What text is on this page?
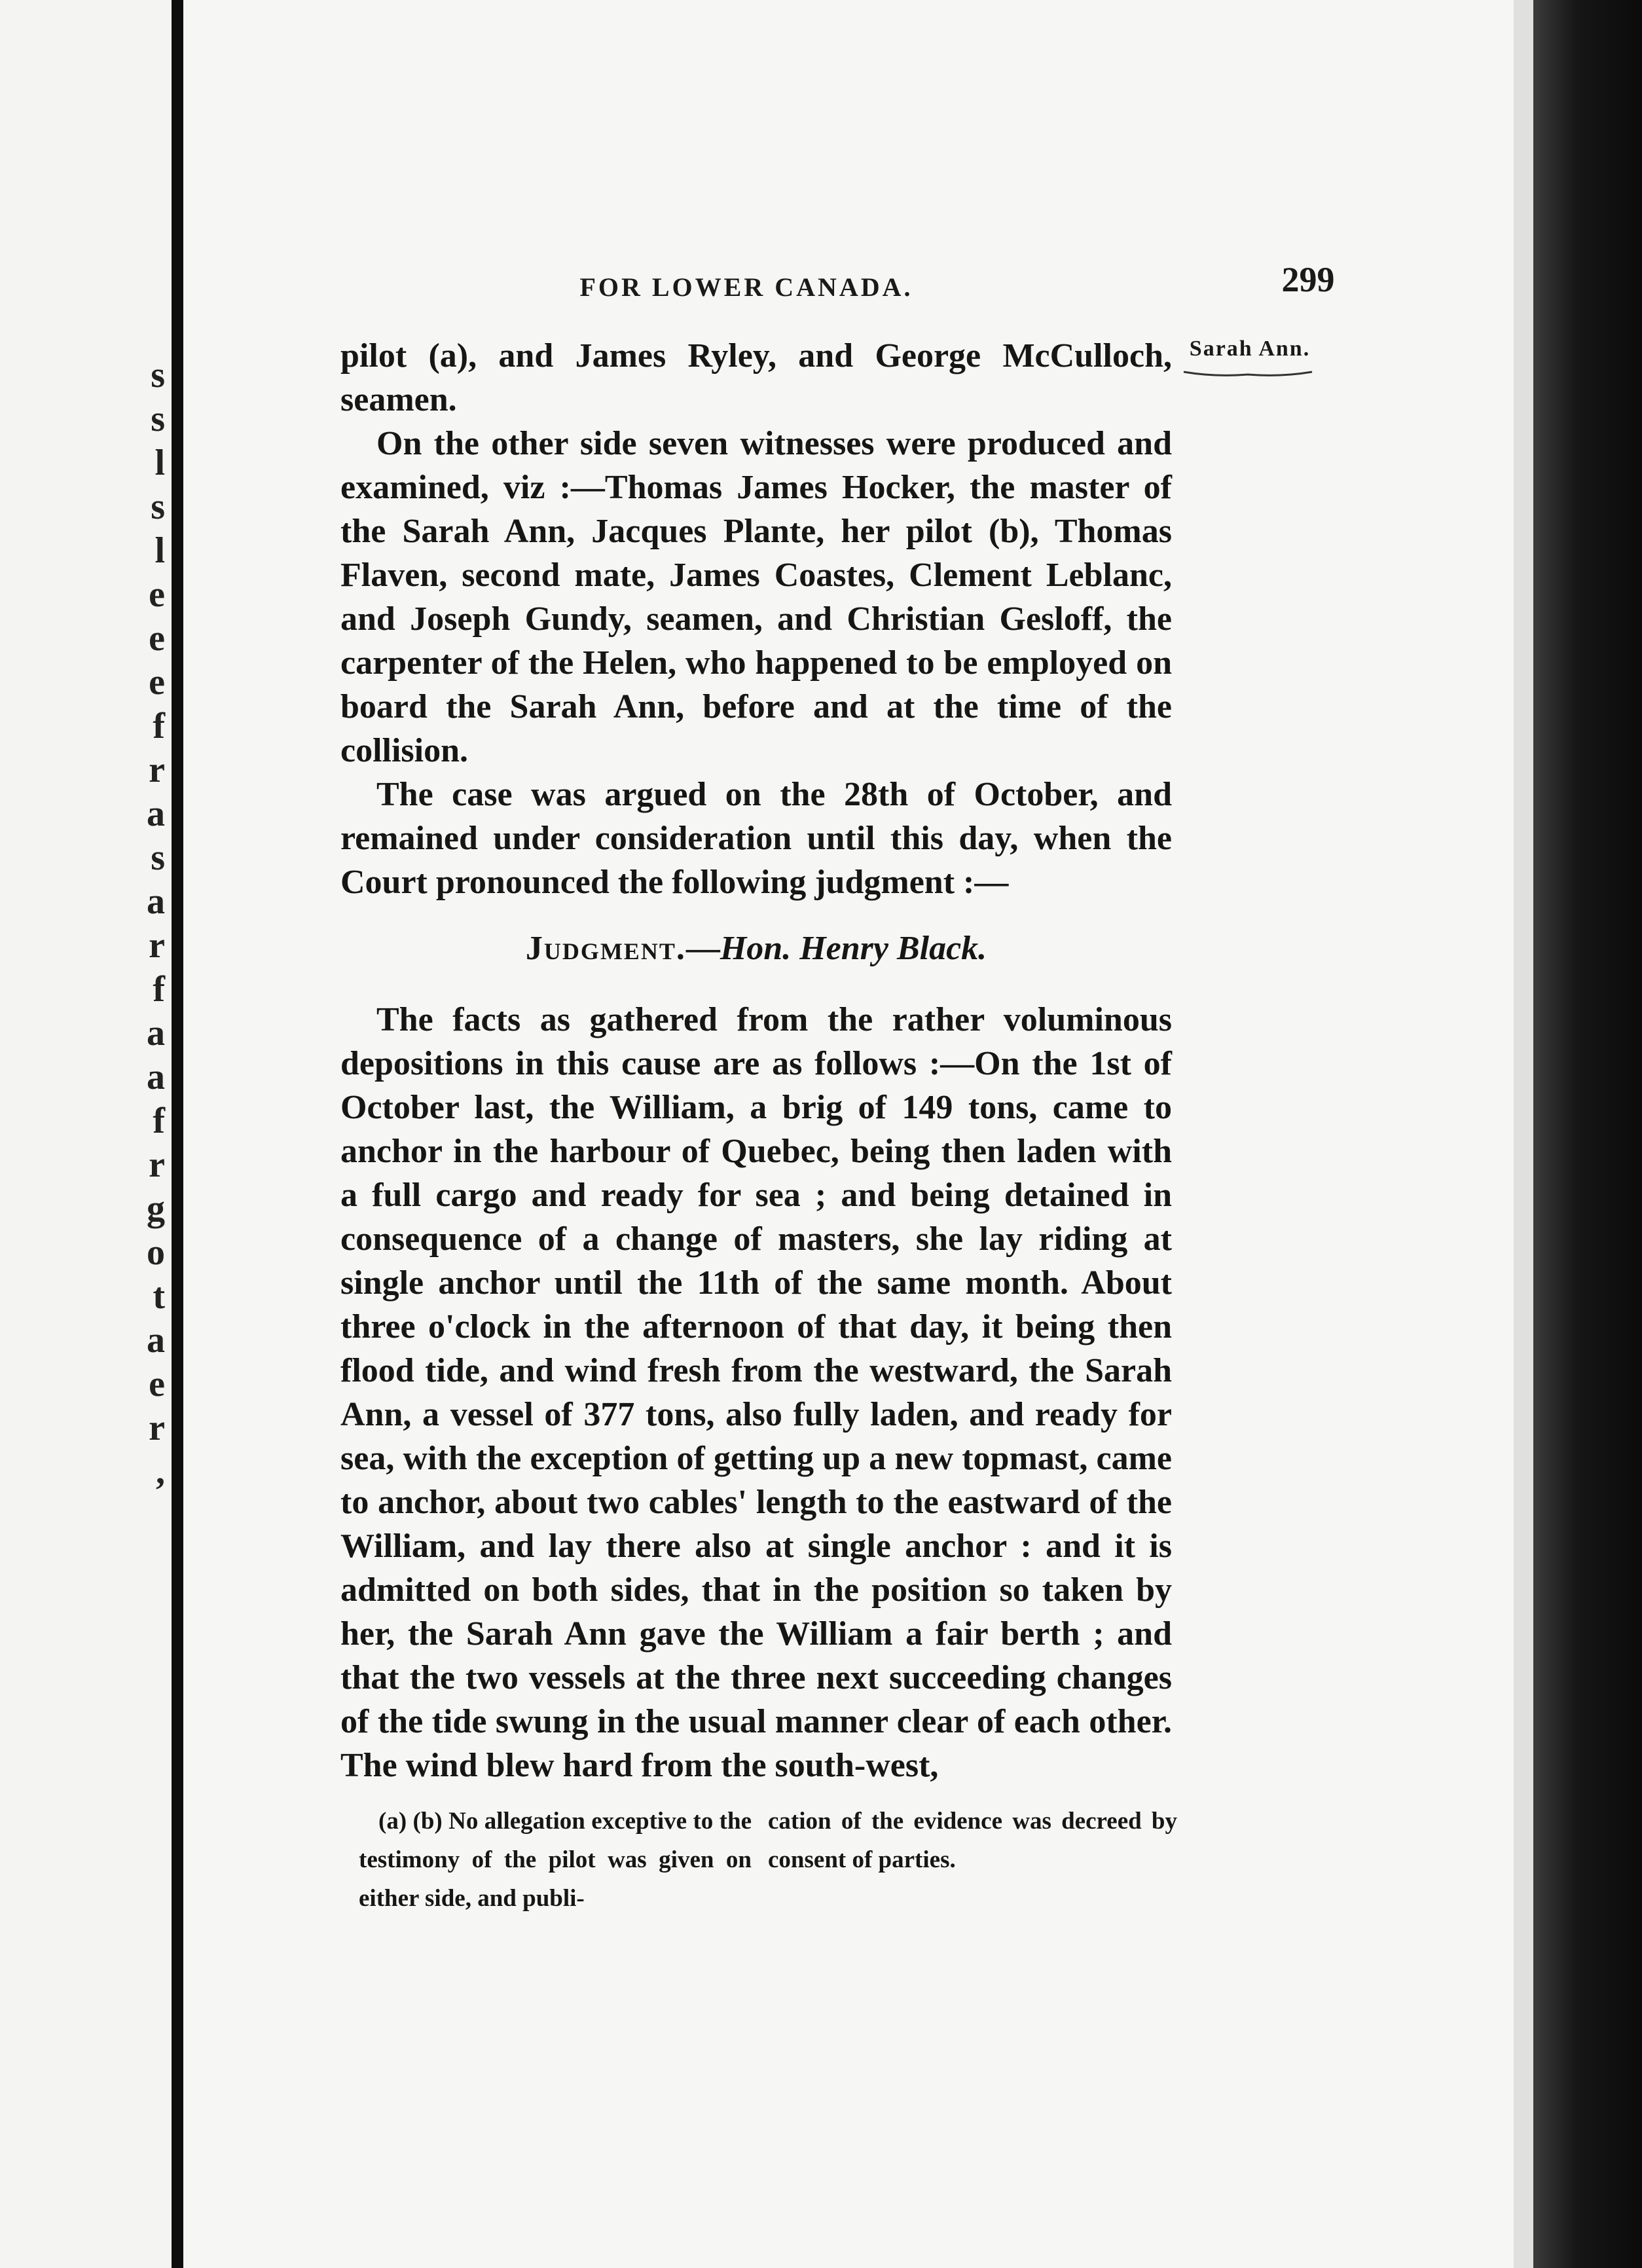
s
s
l
s
l
e
e
e
f
r
a
s
a
r
f
a
a
f
r
g
o
t
a
e
r
,
FOR LOWER CANADA.	299
Sarah Ann.

pilot (a), and James Ryley, and George McCulloch, seamen.

On the other side seven witnesses were produced and examined, viz :—Thomas James Hocker, the master of the Sarah Ann, Jacques Plante, her pilot (b), Thomas Flaven, second mate, James Coastes, Clement Leblanc, and Joseph Gundy, seamen, and Christian Gesloff, the carpenter of the Helen, who happened to be employed on board the Sarah Ann, before and at the time of the collision.

The case was argued on the 28th of October, and remained under consideration until this day, when the Court pronounced the following judgment :—

Judgment.—Hon. Henry Black.

The facts as gathered from the rather voluminous depositions in this cause are as follows :—On the 1st of October last, the William, a brig of 149 tons, came to anchor in the harbour of Quebec, being then laden with a full cargo and ready for sea ; and being detained in consequence of a change of masters, she lay riding at single anchor until the 11th of the same month. About three o'clock in the afternoon of that day, it being then flood tide, and wind fresh from the westward, the Sarah Ann, a vessel of 377 tons, also fully laden, and ready for sea, with the exception of getting up a new topmast, came to anchor, about two cables' length to the eastward of the William, and lay there also at single anchor : and it is admitted on both sides, that in the position so taken by her, the Sarah Ann gave the William a fair berth ; and that the two vessels at the three next succeeding changes of the tide swung in the usual manner clear of each other. The wind blew hard from the south-west,

(a) (b) No allegation exceptive to the testimony of the pilot was given on either side, and publi-
cation of the evidence was decreed by consent of parties.
